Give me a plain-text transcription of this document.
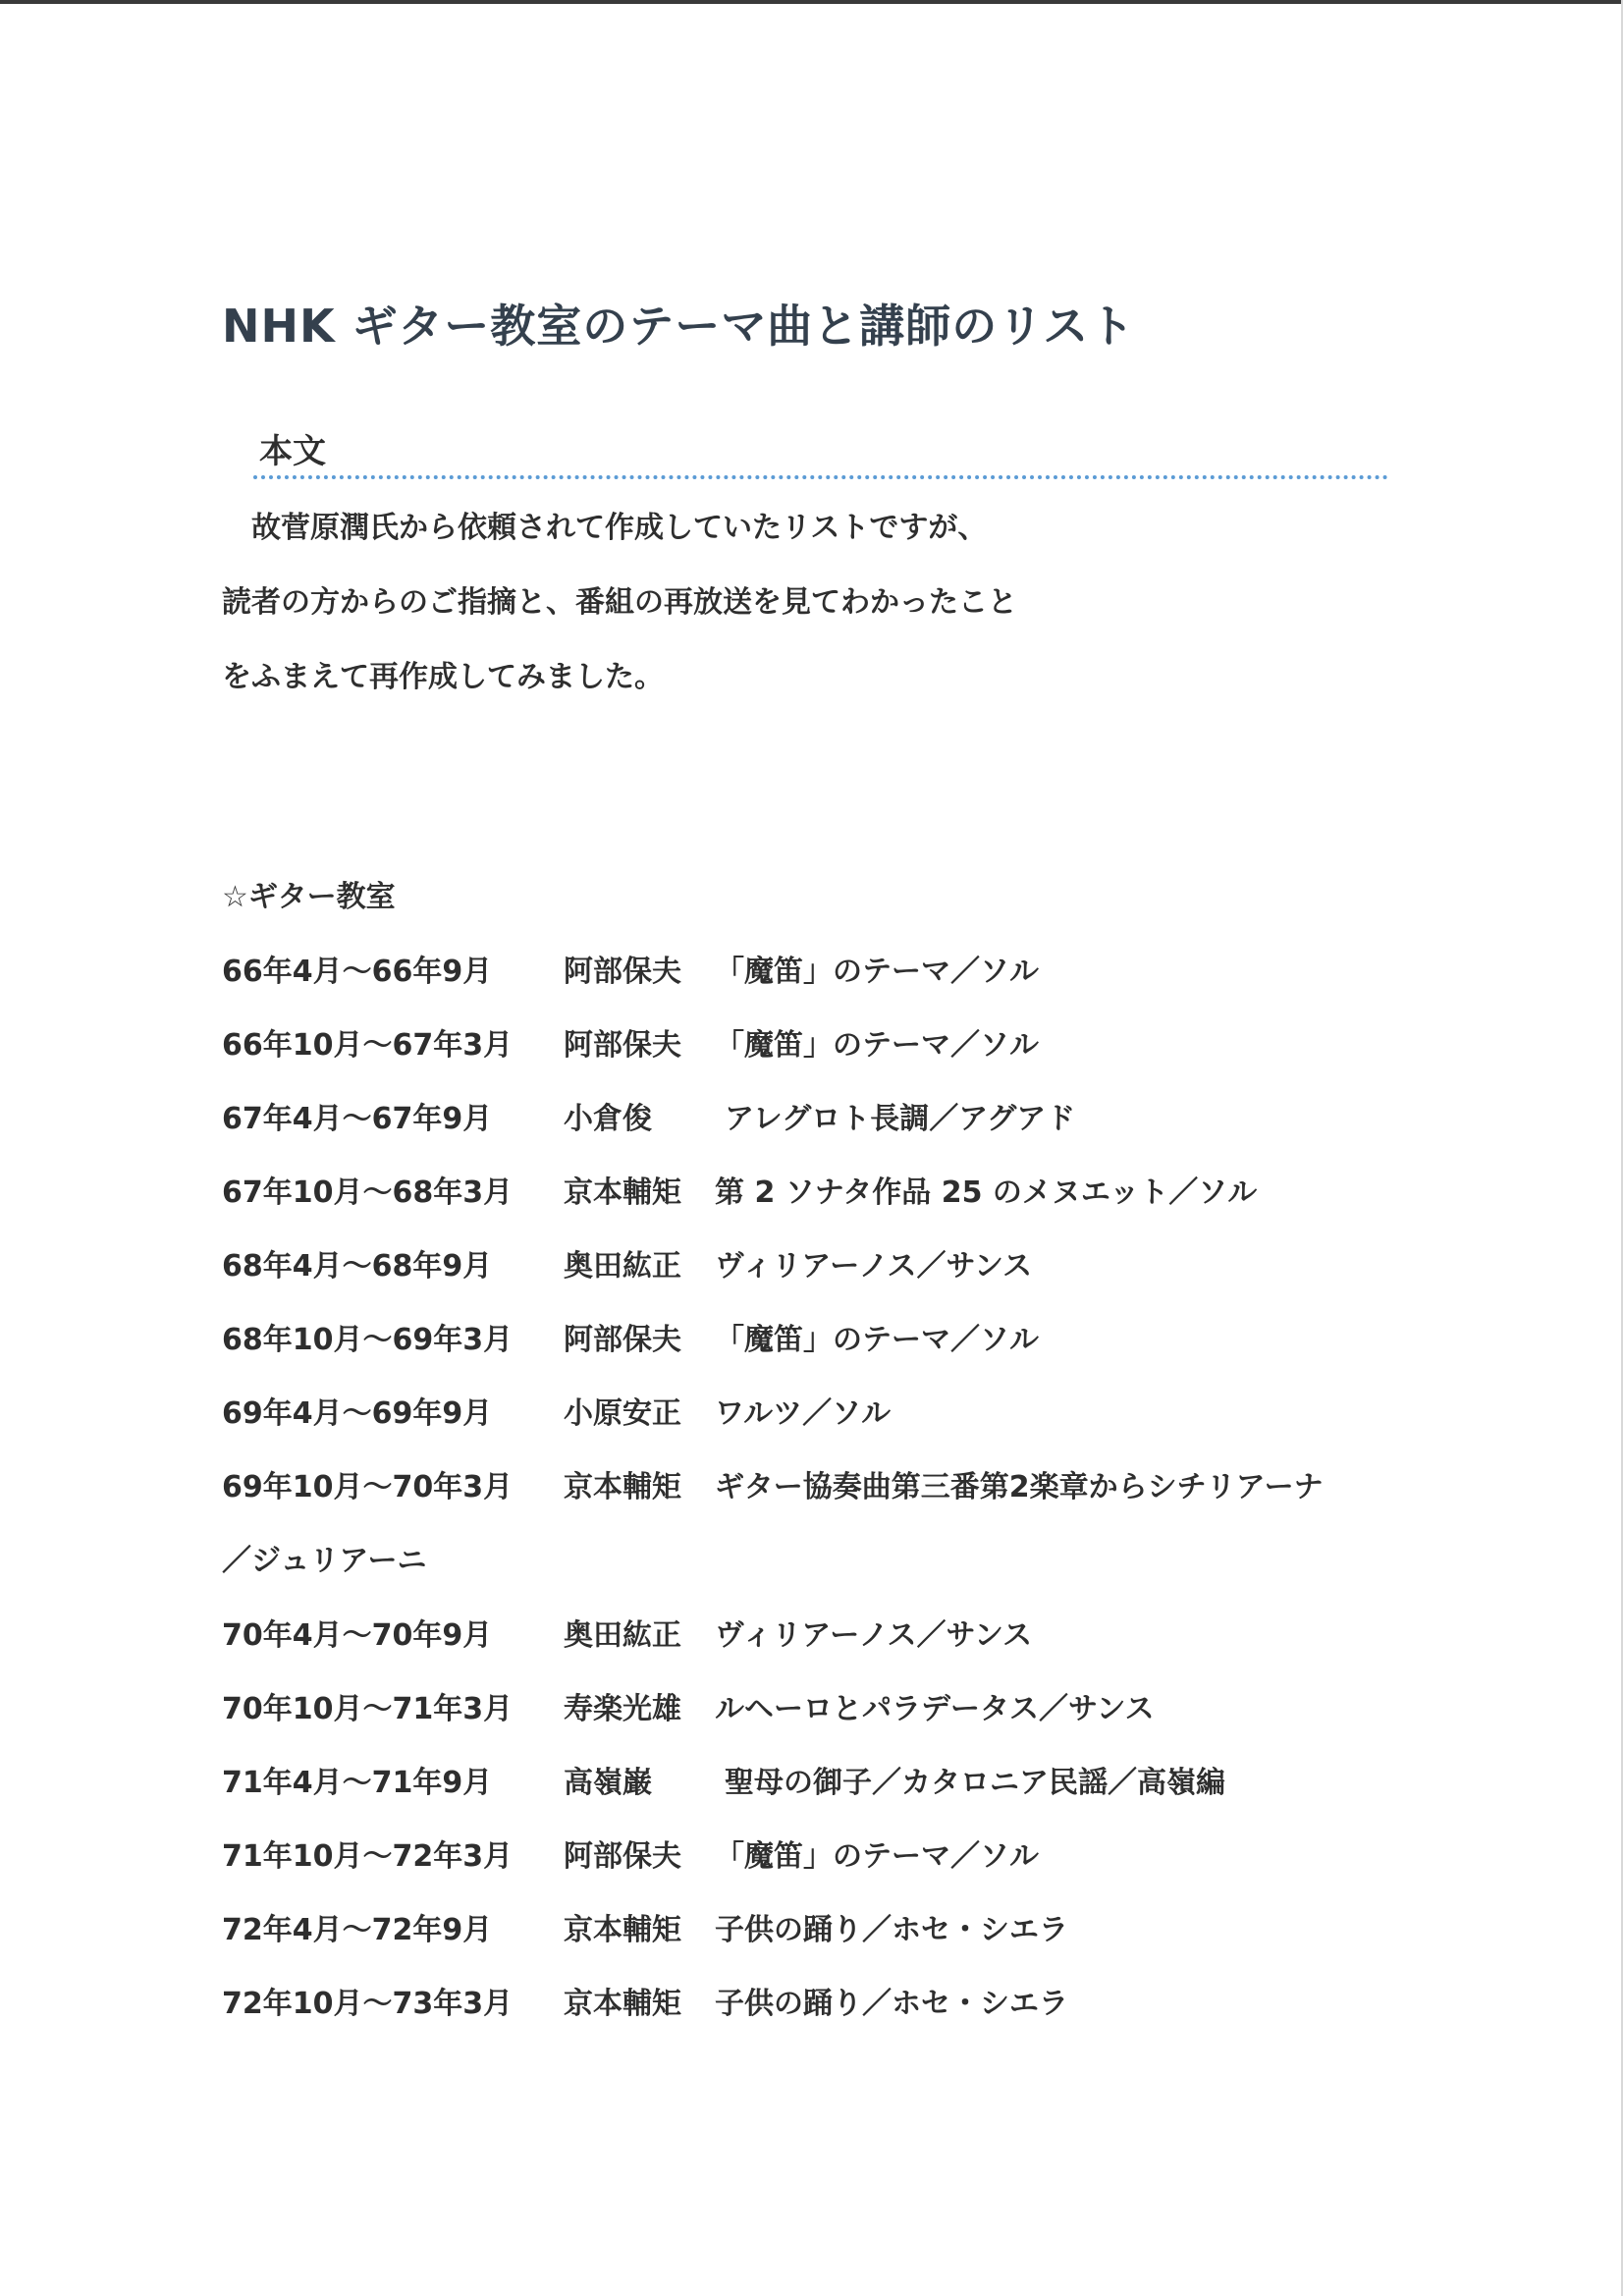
NHK ギター教室のテーマ曲と講師のリスト
本文
　故菅原潤氏から依頼されて作成していたリストですが、
読者の方からのご指摘と、番組の再放送を見てわかったこと
をふまえて再作成してみました。
☆ギター教室
66年4月～66年9月 阿部保夫 「魔笛」のテーマ／ソル
66年10月～67年3月 阿部保夫 「魔笛」のテーマ／ソル
67年4月～67年9月 小倉俊 アレグロト長調／アグアド
67年10月～68年3月 京本輔矩 第 2 ソナタ作品 25 のメヌエット／ソル
68年4月～68年9月 奥田紘正 ヴィリアーノス／サンス
68年10月～69年3月 阿部保夫 「魔笛」のテーマ／ソル
69年4月～69年9月 小原安正 ワルツ／ソル
69年10月～70年3月 京本輔矩 ギター協奏曲第三番第2楽章からシチリアーナ
／ジュリアーニ
70年4月～70年9月 奥田紘正 ヴィリアーノス／サンス
70年10月～71年3月 寿楽光雄 ルヘーロとパラデータス／サンス
71年4月～71年9月 高嶺巌 聖母の御子／カタロニア民謡／高嶺編
71年10月～72年3月 阿部保夫 「魔笛」のテーマ／ソル
72年4月～72年9月 京本輔矩 子供の踊り／ホセ・シエラ
72年10月～73年3月 京本輔矩 子供の踊り／ホセ・シエラ
